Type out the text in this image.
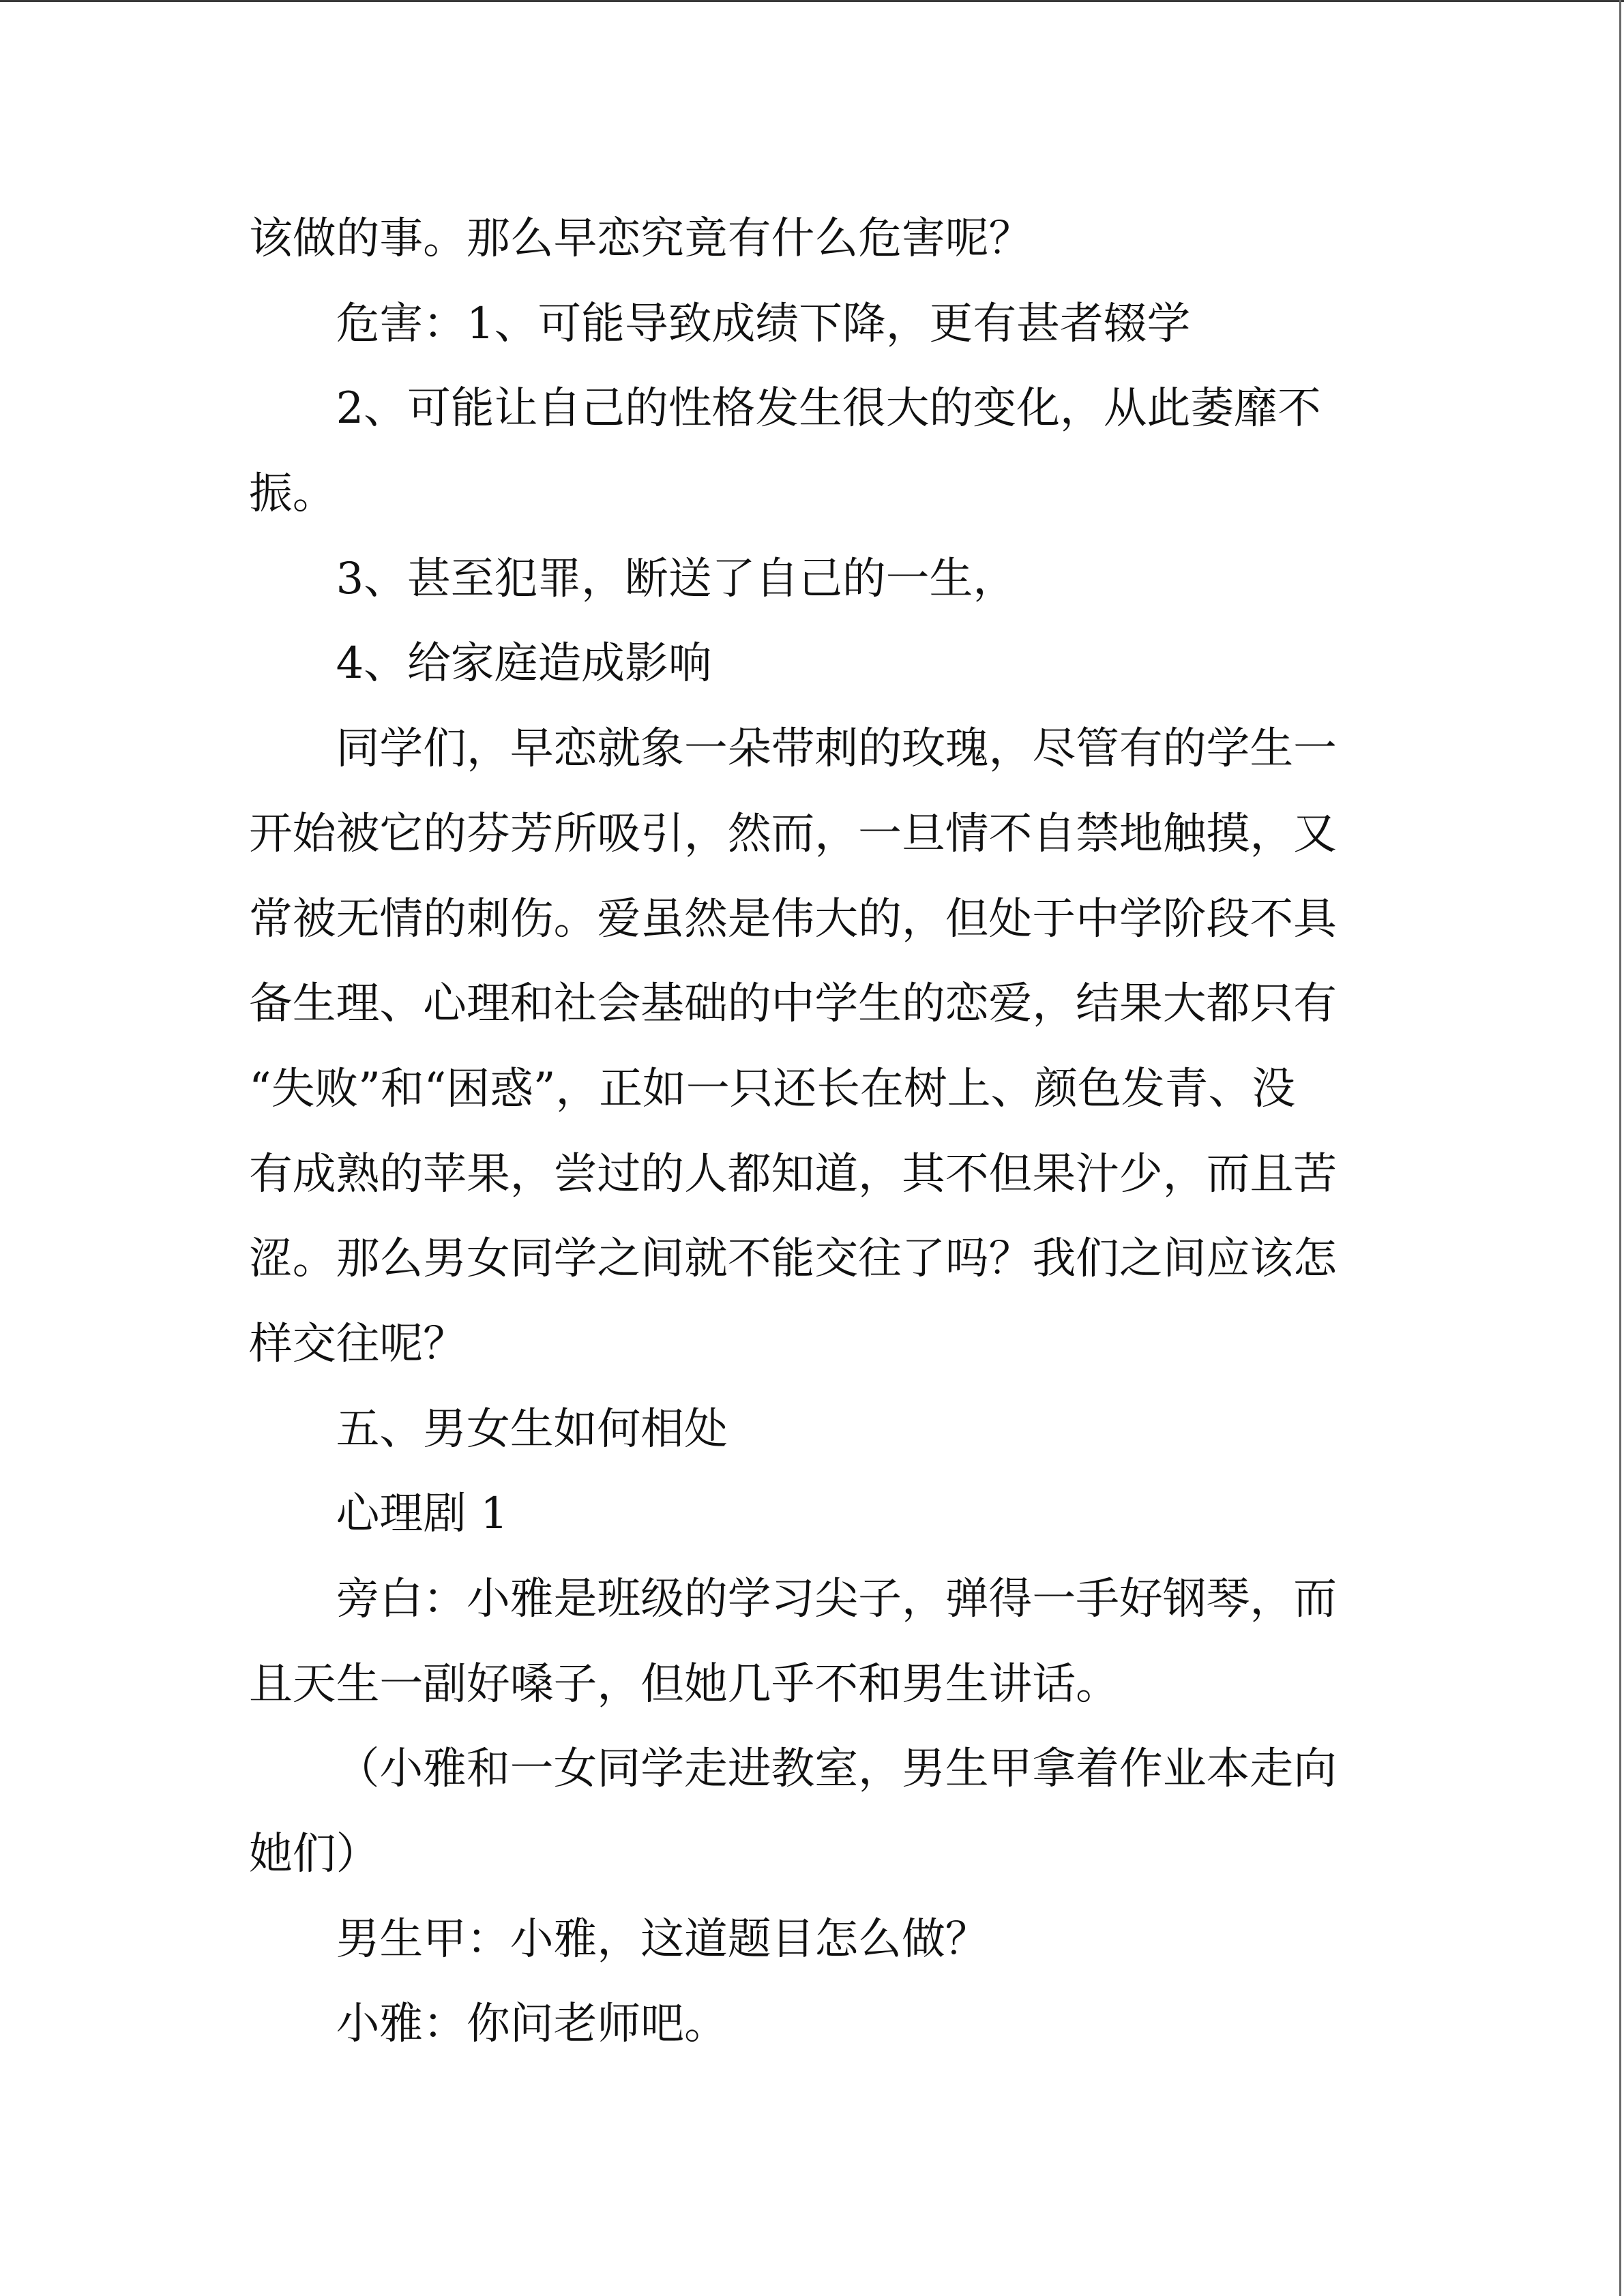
该做的事。那么早恋究竟有什么危害呢？
危害：1、可能导致成绩下降，更有甚者辍学
2、可能让自己的性格发生很大的变化，从此萎靡不
振。
3、甚至犯罪，断送了自己的一生，
4、给家庭造成影响
同学们，早恋就象一朵带刺的玫瑰，尽管有的学生一
开始被它的芬芳所吸引，然而，一旦情不自禁地触摸，又
常被无情的刺伤。爱虽然是伟大的，但处于中学阶段不具
备生理、心理和社会基础的中学生的恋爱，结果大都只有
“失败”和“困惑”，正如一只还长在树上、颜色发青、没
有成熟的苹果，尝过的人都知道，其不但果汁少，而且苦
涩。那么男女同学之间就不能交往了吗？我们之间应该怎
样交往呢？
五、男女生如何相处
心理剧 1
旁白：小雅是班级的学习尖子，弹得一手好钢琴，而
且天生一副好嗓子，但她几乎不和男生讲话。
（小雅和一女同学走进教室，男生甲拿着作业本走向
她们）
男生甲：小雅，这道题目怎么做？
小雅：你问老师吧。
